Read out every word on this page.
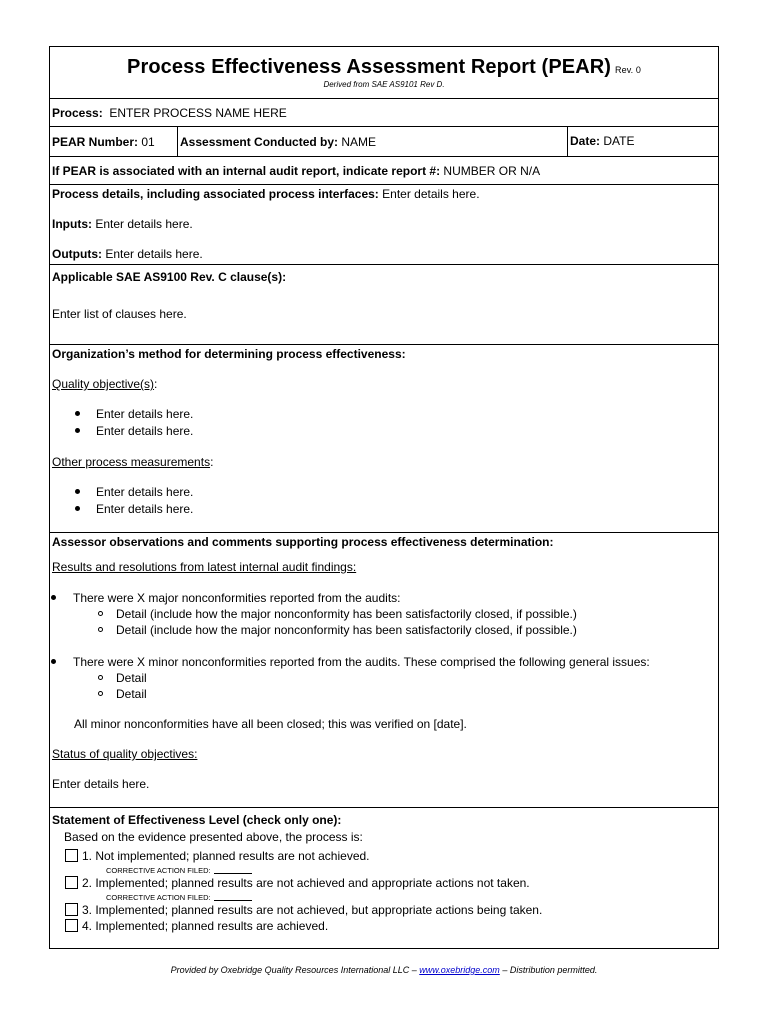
Process Effectiveness Assessment Report (PEAR) Rev. 0
Derived from SAE AS9101 Rev D.
Process: ENTER PROCESS NAME HERE
PEAR Number: 01	Assessment Conducted by: NAME	Date: DATE
If PEAR is associated with an internal audit report, indicate report #: NUMBER OR N/A
Process details, including associated process interfaces: Enter details here.
Inputs: Enter details here.
Outputs: Enter details here.
Applicable SAE AS9100 Rev. C clause(s):
Enter list of clauses here.
Organization’s method for determining process effectiveness:
Quality objective(s):
Enter details here.
Enter details here.
Other process measurements:
Enter details here.
Enter details here.
Assessor observations and comments supporting process effectiveness determination:
Results and resolutions from latest internal audit findings:
There were X major nonconformities reported from the audits:
Detail (include how the major nonconformity has been satisfactorily closed, if possible.)
Detail (include how the major nonconformity has been satisfactorily closed, if possible.)
There were X minor nonconformities reported from the audits. These comprised the following general issues:
Detail
Detail
All minor nonconformities have all been closed; this was verified on [date].
Status of quality objectives:
Enter details here.
Statement of Effectiveness Level (check only one):
Based on the evidence presented above, the process is:
1. Not implemented; planned results are not achieved.
CORRECTIVE ACTION FILED:
2. Implemented; planned results are not achieved and appropriate actions not taken.
CORRECTIVE ACTION FILED:
3. Implemented; planned results are not achieved, but appropriate actions being taken.
4. Implemented; planned results are achieved.
Provided by Oxebridge Quality Resources International LLC – www.oxebridge.com – Distribution permitted.
